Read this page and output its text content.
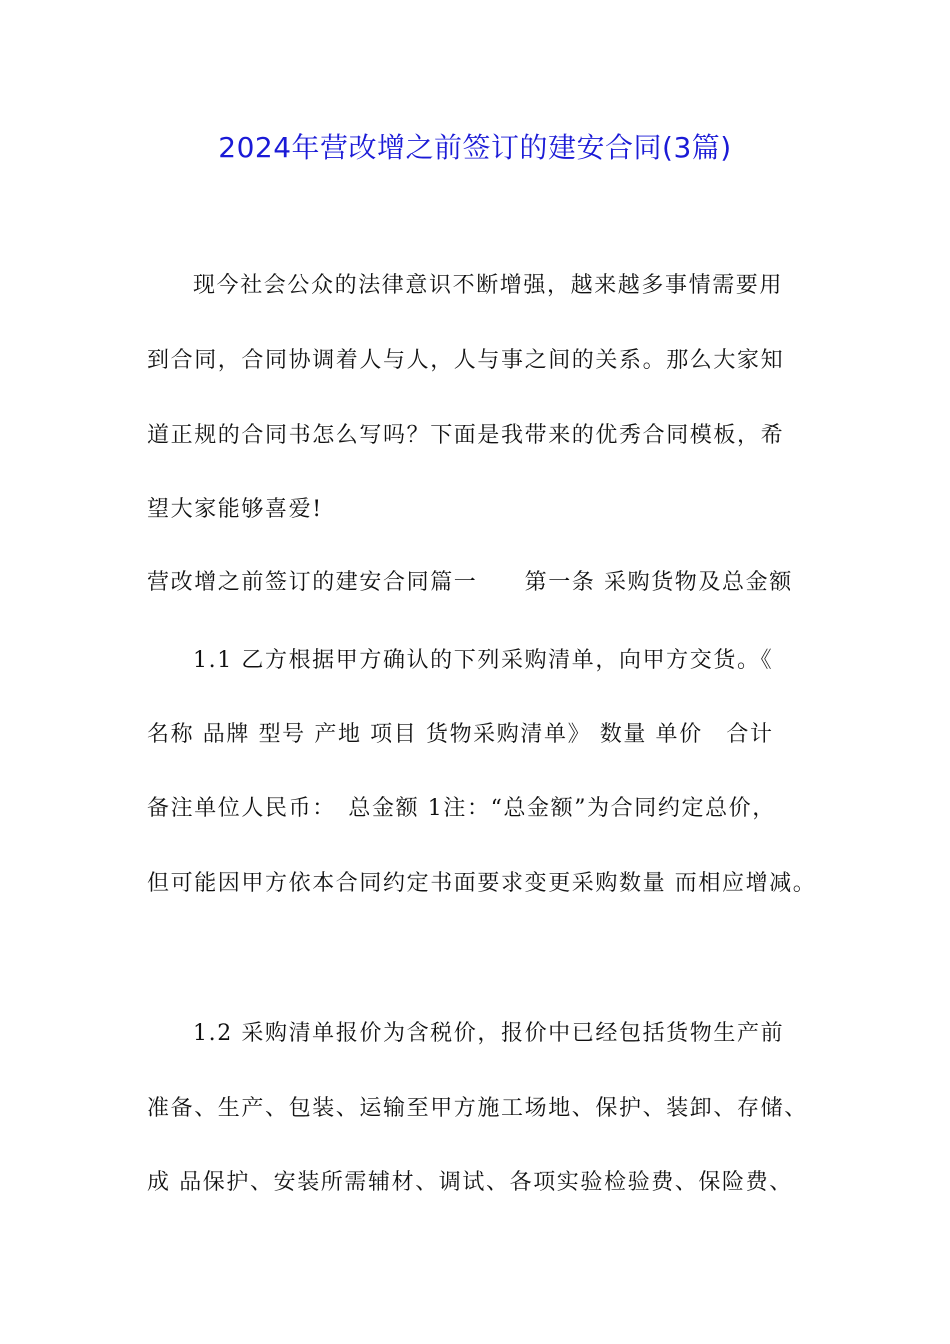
2024年营改增之前签订的建安合同(3篇)

现今社会公众的法律意识不断增强，越来越多事情需要用

到合同，合同协调着人与人，人与事之间的关系。那么大家知

道正规的合同书怎么写吗？下面是我带来的优秀合同模板，希

望大家能够喜爱!

营改增之前签订的建安合同篇一　　第一条 采购货物及总金额

1.1 乙方根据甲方确认的下列采购清单，向甲方交货。《

名称 品牌 型号 产地 项目 货物采购清单》 数量 单价　合计

备注单位人民币：　总金额 1注：“总金额”为合同约定总价，

但可能因甲方依本合同约定书面要求变更采购数量 而相应增减。

1.2 采购清单报价为含税价，报价中已经包括货物生产前

准备、生产、包装、运输至甲方施工场地、保护、装卸、存储、

成 品保护、安装所需辅材、调试、各项实验检验费、保险费、
